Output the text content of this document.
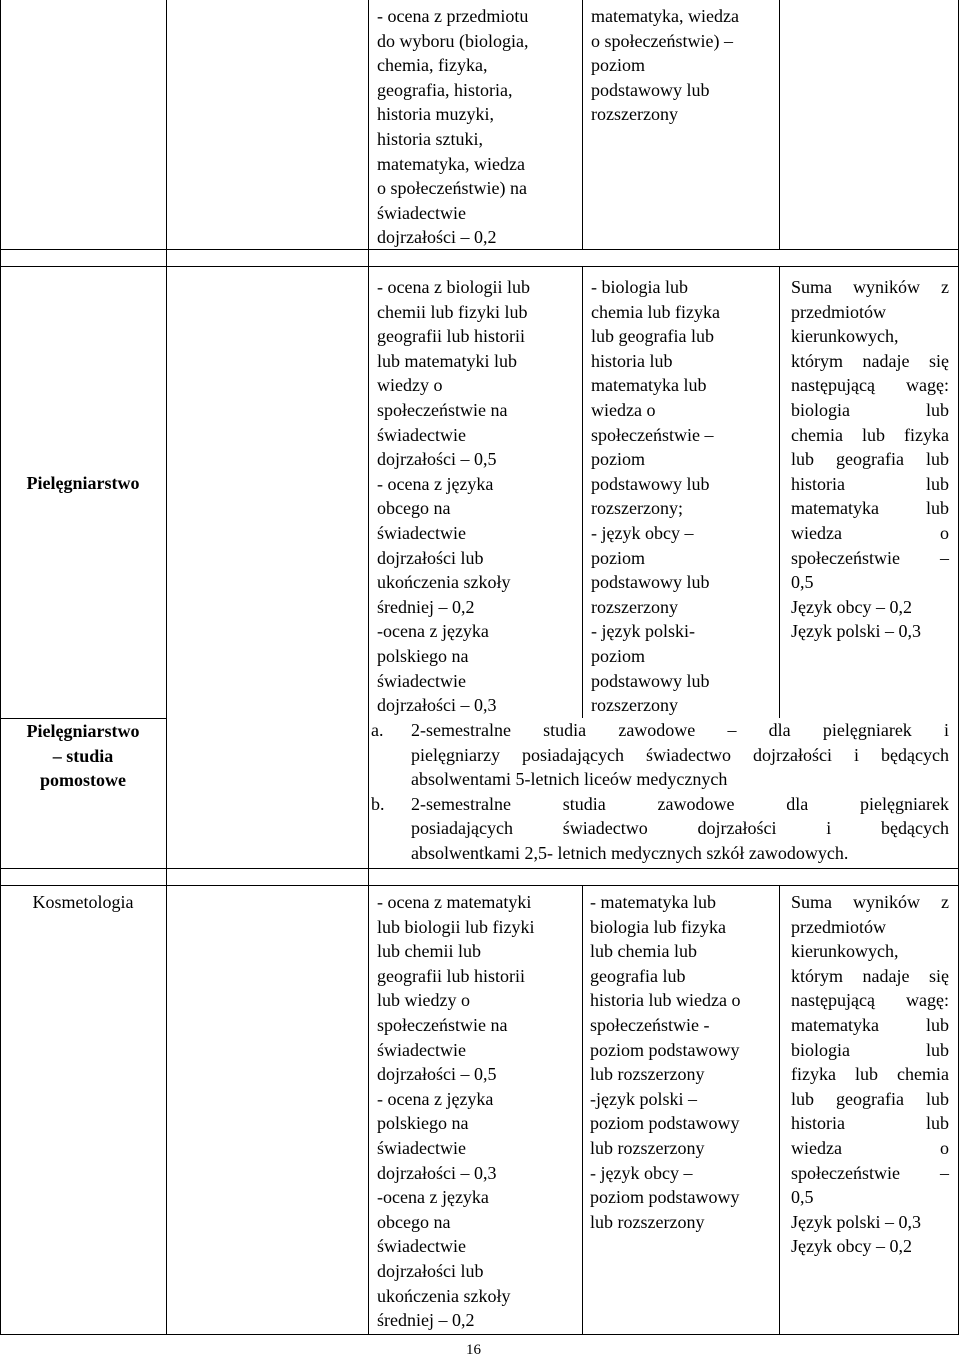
- ocena z przedmiotu
do wyboru (biologia,
chemia, fizyka,
geografia, historia,
historia muzyki,
historia sztuki,
matematyka, wiedza
o społeczeństwie) na
świadectwie
dojrzałości – 0,2
matematyka, wiedza
o społeczeństwie) –
poziom
podstawowy lub
rozszerzony
Pielęgniarstwo
- ocena z biologii lub
chemii lub fizyki lub
geografii lub historii
lub matematyki lub
wiedzy o
społeczeństwie na
świadectwie
dojrzałości – 0,5
- ocena z języka
obcego na
świadectwie
dojrzałości lub
ukończenia szkoły
średniej – 0,2
-ocena z języka
polskiego na
świadectwie
dojrzałości – 0,3
- biologia lub
chemia lub fizyka
lub geografia lub
historia lub
matematyka lub
wiedza o
społeczeństwie –
poziom
podstawowy lub
rozszerzony;
- język obcy –
poziom
podstawowy lub
rozszerzony
- język polski-
poziom
podstawowy lub
rozszerzony
Suma wyników z
przedmiotów
kierunkowych,
którym nadaje się
następującą wagę:
biologia lub
chemia lub fizyka
lub geografia lub
historia lub
matematyka lub
wiedza o
społeczeństwie –
0,5
Język obcy – 0,2
Język polski – 0,3
Pielęgniarstwo
– studia
pomostowe
a. 2-semestralne studia zawodowe – dla pielęgniarek i
pielęgniarzy posiadających świadectwo dojrzałości i będących
absolwentami 5-letnich liceów medycznych
b. 2-semestralne studia zawodowe dla pielęgniarek
posiadających świadectwo dojrzałości i będących
absolwentkami 2,5- letnich medycznych szkół zawodowych.
Kosmetologia	- ocena z matematyki
lub biologii lub fizyki
lub chemii lub
geografii lub historii
lub wiedzy o
społeczeństwie na
świadectwie
dojrzałości – 0,5
- ocena z języka
polskiego na
świadectwie
dojrzałości – 0,3
-ocena z języka
obcego na
świadectwie
dojrzałości lub
ukończenia szkoły
średniej – 0,2
- matematyka lub
biologia lub fizyka
lub chemia lub
geografia lub
historia lub wiedza o
społeczeństwie -
poziom podstawowy
lub rozszerzony
-język polski –
poziom podstawowy
lub rozszerzony
- język obcy –
poziom podstawowy
lub rozszerzony
Suma wyników z
przedmiotów
kierunkowych,
którym nadaje się
następującą wagę:
matematyka lub
biologia lub
fizyka lub chemia
lub geografia lub
historia lub
wiedza o
społeczeństwie –
0,5
Język polski – 0,3
Język obcy – 0,2
16
